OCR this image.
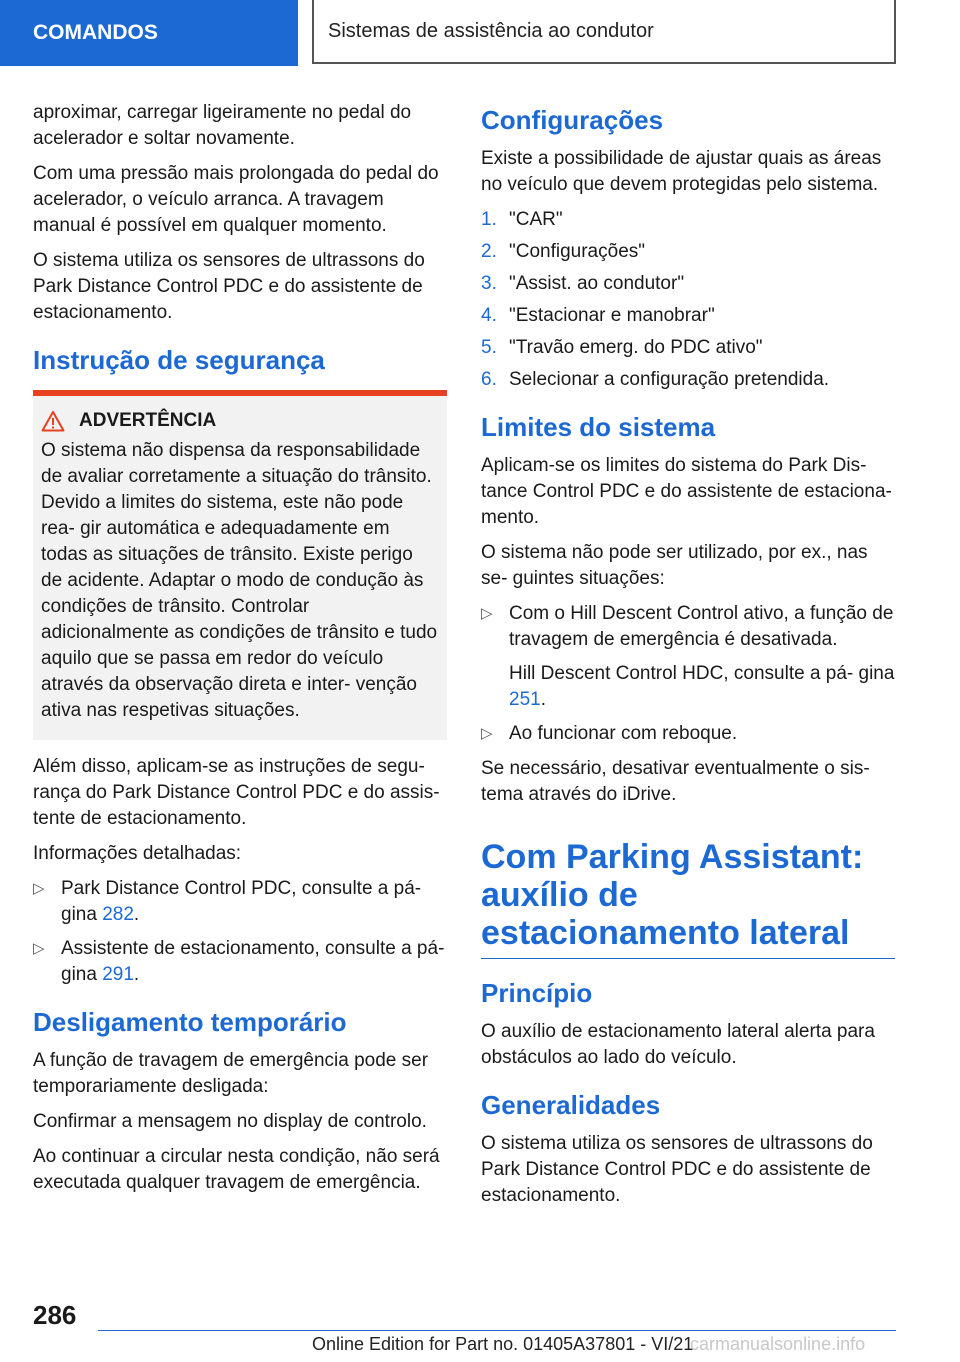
COMANDOS	Sistemas de assistência ao condutor

aproximar, carregar ligeiramente no pedal do acelerador e soltar novamente.

Com uma pressão mais prolongada do pedal do acelerador, o veículo arranca. A travagem manual é possível em qualquer momento.

O sistema utiliza os sensores de ultrassons do Park Distance Control PDC e do assistente de estacionamento.

Instrução de segurança
ADVERTÊNCIA

O sistema não dispensa da responsabilidade de avaliar corretamente a situação do trânsito. Devido a limites do sistema, este não pode rea- gir automática e adequadamente em todas as situações de trânsito. Existe perigo de acidente. Adaptar o modo de condução às condições de trânsito. Controlar adicionalmente as condições de trânsito e tudo aquilo que se passa em redor do veículo através da observação direta e inter- venção ativa nas respetivas situações.

Além disso, aplicam-se as instruções de segu- rança do Park Distance Control PDC e do assis- tente de estacionamento.

Informações detalhadas:

▷ Park Distance Control PDC, consulte a pá- gina 282.
▷ Assistente de estacionamento, consulte a pá- gina 291.
Desligamento temporário

A função de travagem de emergência pode ser temporariamente desligada:

Confirmar a mensagem no display de controlo.

Ao continuar a circular nesta condição, não será executada qualquer travagem de emergência.

Configurações

Existe a possibilidade de ajustar quais as áreas no veículo que devem protegidas pelo sistema.

1. "CAR"
2. "Configurações"
3. "Assist. ao condutor"
4. "Estacionar e manobrar"
5. "Travão emerg. do PDC ativo"
6. Selecionar a configuração pretendida.
Limites do sistema

Aplicam-se os limites do sistema do Park Dis- tance Control PDC e do assistente de estaciona- mento.

O sistema não pode ser utilizado, por ex., nas se- guintes situações:

▷ Com o Hill Descent Control ativo, a função de travagem de emergência é desativada.

Hill Descent Control HDC, consulte a pá- gina 251.

▷ Ao funcionar com reboque.

Se necessário, desativar eventualmente o sis- tema através do iDrive.

Com Parking Assistant: auxílio de estacionamento lateral
Princípio

O auxílio de estacionamento lateral alerta para obstáculos ao lado do veículo.

Generalidades

O sistema utiliza os sensores de ultrassons do Park Distance Control PDC e do assistente de estacionamento.

286
Online Edition for Part no. 01405A37801 - VI/21
carmanualsonline.info
